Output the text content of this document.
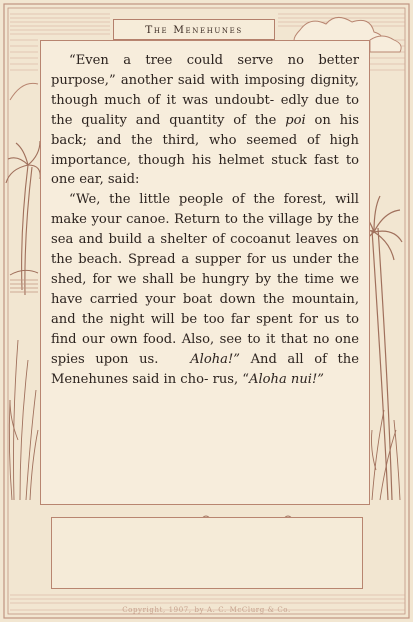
The Menehunes

“Even a tree could serve no better purpose,” another said with imposing dignity, though much of it was undoubt- edly due to the quality and quantity of the poi on his back; and the third, who seemed of high importance, though his helmet stuck fast to one ear, said:

“We, the little people of the forest, will make your canoe. Return to the village by the sea and build a shelter of cocoanut leaves on the beach. Spread a supper for us under the shed, for we shall be hungry by the time we have carried your boat down the mountain, and the night will be too far spent for us to find our own food. Also, see to it that no one spies upon us. Aloha!” And all of the Menehunes said in cho- rus, “Aloha nui!”

Copyright, 1907, by A. C. McClurg & Co.
